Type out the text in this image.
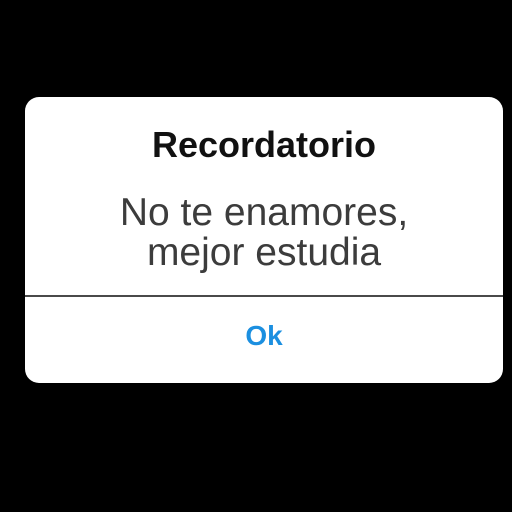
Recordatorio

No te enamores,
mejor estudia

Ok
